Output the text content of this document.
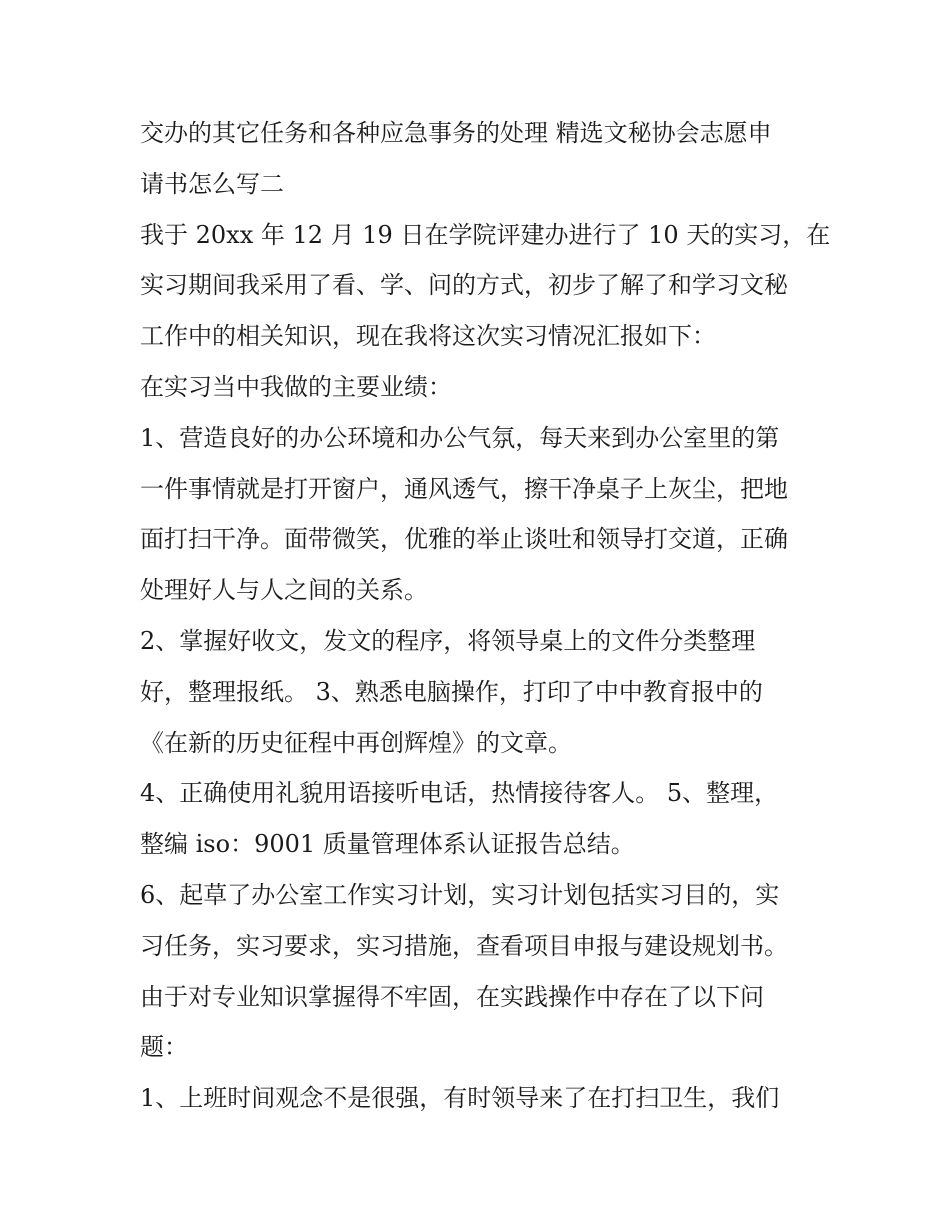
交办的其它任务和各种应急事务的处理 精选文秘协会志愿申
请书怎么写二
我于 20xx 年 12 月 19 日在学院评建办进行了 10 天的实习，在
实习期间我采用了看、学、问的方式，初步了解了和学习文秘
工作中的相关知识，现在我将这次实习情况汇报如下：
在实习当中我做的主要业绩：
1、营造良好的办公环境和办公气氛，每天来到办公室里的第
一件事情就是打开窗户，通风透气，擦干净桌子上灰尘，把地
面打扫干净。面带微笑，优雅的举止谈吐和领导打交道，正确
处理好人与人之间的关系。
2、掌握好收文，发文的程序，将领导桌上的文件分类整理
好，整理报纸。 3、熟悉电脑操作，打印了中中教育报中的
《在新的历史征程中再创辉煌》的文章。
4、正确使用礼貌用语接听电话，热情接待客人。 5、整理，
整编 iso：9001 质量管理体系认证报告总结。
6、起草了办公室工作实习计划，实习计划包括实习目的，实
习任务，实习要求，实习措施，查看项目申报与建设规划书。
由于对专业知识掌握得不牢固，在实践操作中存在了以下问
题：
1、上班时间观念不是很强，有时领导来了在打扫卫生，我们
